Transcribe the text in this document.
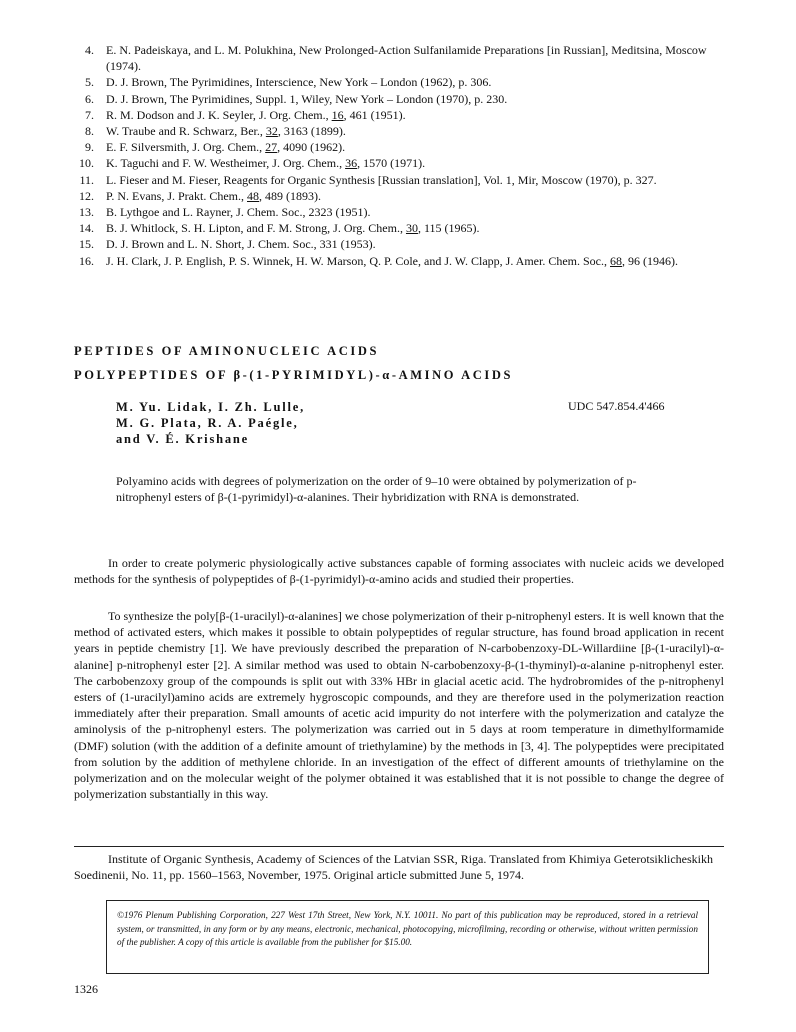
4.	E. N. Padeiskaya, and L. M. Polukhina, New Prolonged-Action Sulfanilamide Preparations [in Russian], Meditsina, Moscow (1974).
5.	D. J. Brown, The Pyrimidines, Interscience, New York – London (1962), p. 306.
6.	D. J. Brown, The Pyrimidines, Suppl. 1, Wiley, New York – London (1970), p. 230.
7.	R. M. Dodson and J. K. Seyler, J. Org. Chem., 16, 461 (1951).
8.	W. Traube and R. Schwarz, Ber., 32, 3163 (1899).
9.	E. F. Silversmith, J. Org. Chem., 27, 4090 (1962).
10.	K. Taguchi and F. W. Westheimer, J. Org. Chem., 36, 1570 (1971).
11.	L. Fieser and M. Fieser, Reagents for Organic Synthesis [Russian translation], Vol. 1, Mir, Moscow (1970), p. 327.
12.	P. N. Evans, J. Prakt. Chem., 48, 489 (1893).
13.	B. Lythgoe and L. Rayner, J. Chem. Soc., 2323 (1951).
14.	B. J. Whitlock, S. H. Lipton, and F. M. Strong, J. Org. Chem., 30, 115 (1965).
15.	D. J. Brown and L. N. Short, J. Chem. Soc., 331 (1953).
16.	J. H. Clark, J. P. English, P. S. Winnek, H. W. Marson, Q. P. Cole, and J. W. Clapp, J. Amer. Chem. Soc., 68, 96 (1946).
PEPTIDES OF AMINONUCLEIC ACIDS
POLYPEPTIDES OF β-(1-PYRIMIDYL)-α-AMINO ACIDS
M. Yu. Lidak, I. Zh. Lulle,
M. G. Plata, R. A. Paégle,
and V. É. Krishane
UDC 547.854.4'466
Polyamino acids with degrees of polymerization on the order of 9–10 were obtained by polymerization of p-nitrophenyl esters of β-(1-pyrimidyl)-α-alanines. Their hybridization with RNA is demonstrated.
In order to create polymeric physiologically active substances capable of forming associates with nucleic acids we developed methods for the synthesis of polypeptides of β-(1-pyrimidyl)-α-amino acids and studied their properties.
To synthesize the poly[β-(1-uracilyl)-α-alanines] we chose polymerization of their p-nitrophenyl esters. It is well known that the method of activated esters, which makes it possible to obtain polypeptides of regular structure, has found broad application in recent years in peptide chemistry [1]. We have previously described the preparation of N-carbobenzoxy-DL-Willardiine [β-(1-uracilyl)-α-alanine] p-nitrophenyl ester [2]. A similar method was used to obtain N-carbobenzoxy-β-(1-thyminyl)-α-alanine p-nitrophenyl ester. The carbobenzoxy group of the compounds is split out with 33% HBr in glacial acetic acid. The hydrobromides of the p-nitrophenyl esters of (1-uracilyl)amino acids are extremely hygroscopic compounds, and they are therefore used in the polymerization reaction immediately after their preparation. Small amounts of acetic acid impurity do not interfere with the polymerization and catalyze the aminolysis of the p-nitrophenyl esters. The polymerization was carried out in 5 days at room temperature in dimethylformamide (DMF) solution (with the addition of a definite amount of triethylamine) by the methods in [3, 4]. The polypeptides were precipitated from solution by the addition of methylene chloride. In an investigation of the effect of different amounts of triethylamine on the polymerization and on the molecular weight of the polymer obtained it was established that it is not possible to change the degree of polymerization substantially in this way.
Institute of Organic Synthesis, Academy of Sciences of the Latvian SSR, Riga. Translated from Khimiya Geterotsiklicheskikh Soedinenii, No. 11, pp. 1560–1563, November, 1975. Original article submitted June 5, 1974.
©1976 Plenum Publishing Corporation, 227 West 17th Street, New York, N.Y. 10011. No part of this publication may be reproduced, stored in a retrieval system, or transmitted, in any form or by any means, electronic, mechanical, photocopying, microfilming, recording or otherwise, without written permission of the publisher. A copy of this article is available from the publisher for $15.00.
1326
